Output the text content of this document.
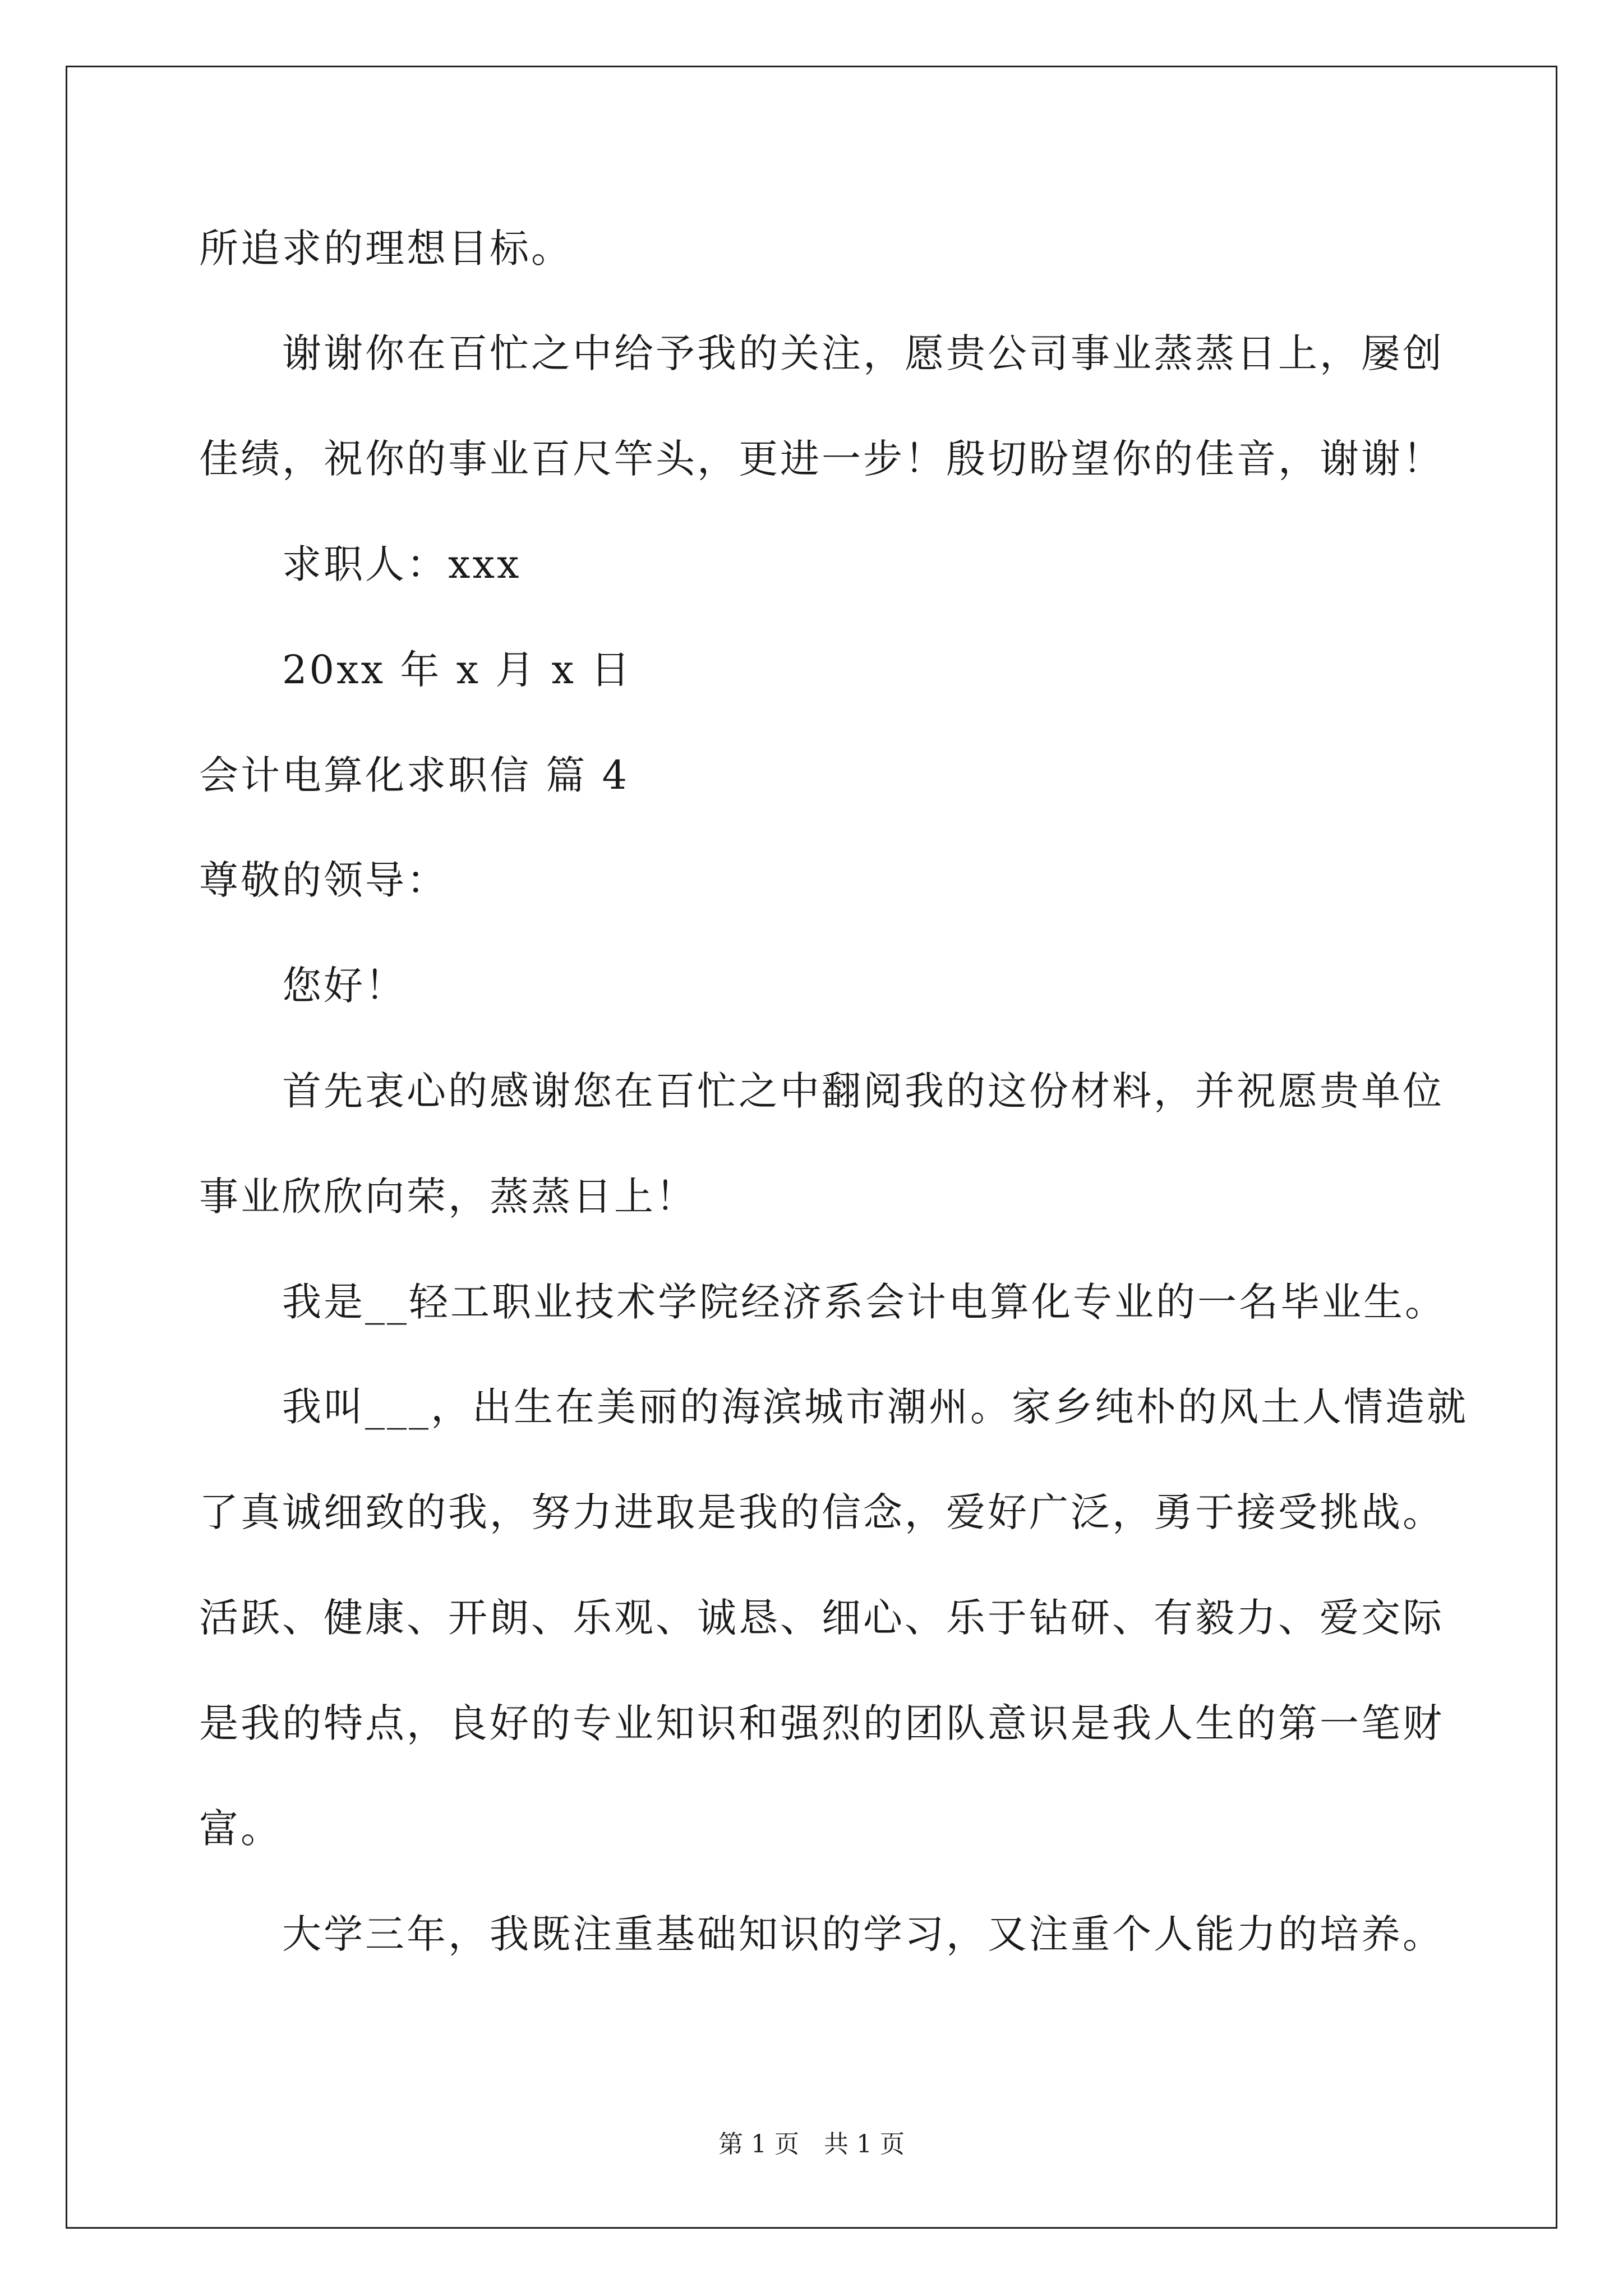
所追求的理想目标。
谢谢你在百忙之中给予我的关注，愿贵公司事业蒸蒸日上，屡创
佳绩，祝你的事业百尺竿头，更进一步！殷切盼望你的佳音，谢谢！
求职人：xxx
20xx 年 x 月 x 日
会计电算化求职信 篇 4
尊敬的领导：
您好！
首先衷心的感谢您在百忙之中翻阅我的这份材料，并祝愿贵单位
事业欣欣向荣，蒸蒸日上！
我是__轻工职业技术学院经济系会计电算化专业的一名毕业生。
我叫___，出生在美丽的海滨城市潮州。家乡纯朴的风土人情造就
了真诚细致的我，努力进取是我的信念，爱好广泛，勇于接受挑战。
活跃、健康、开朗、乐观、诚恳、细心、乐于钻研、有毅力、爱交际
是我的特点，良好的专业知识和强烈的团队意识是我人生的第一笔财
富。
大学三年，我既注重基础知识的学习，又注重个人能力的培养。
第 1 页　共 1 页
